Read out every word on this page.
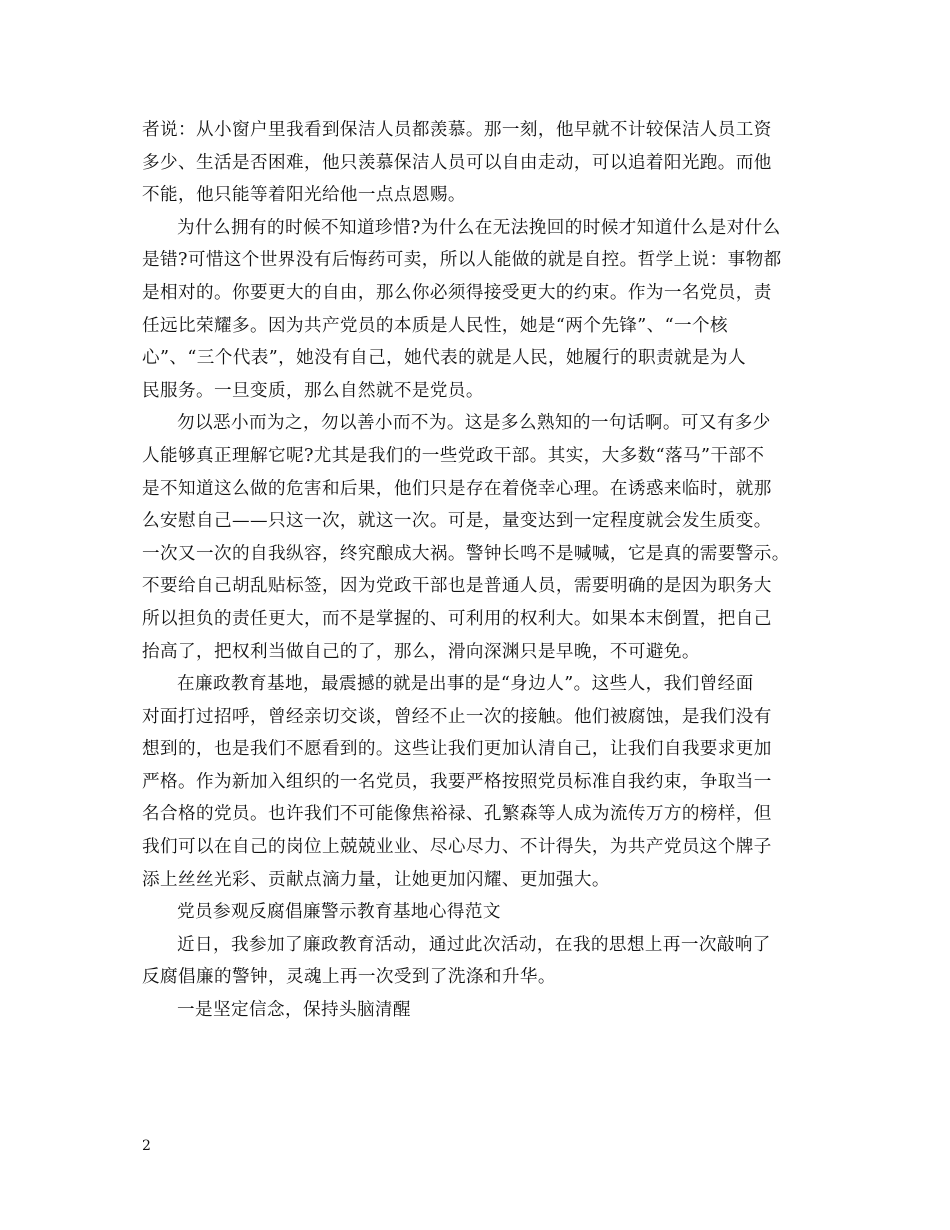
者说：从小窗户里我看到保洁人员都羡慕。那一刻，他早就不计较保洁人员工资
多少、生活是否困难，他只羡慕保洁人员可以自由走动，可以追着阳光跑。而他
不能，他只能等着阳光给他一点点恩赐。
为什么拥有的时候不知道珍惜?为什么在无法挽回的时候才知道什么是对什么
是错?可惜这个世界没有后悔药可卖，所以人能做的就是自控。哲学上说：事物都
是相对的。你要更大的自由，那么你必须得接受更大的约束。作为一名党员，责
任远比荣耀多。因为共产党员的本质是人民性，她是“两个先锋”、“一个核
心”、“三个代表”，她没有自己，她代表的就是人民，她履行的职责就是为人
民服务。一旦变质，那么自然就不是党员。
勿以恶小而为之，勿以善小而不为。这是多么熟知的一句话啊。可又有多少
人能够真正理解它呢?尤其是我们的一些党政干部。其实，大多数“落马”干部不
是不知道这么做的危害和后果，他们只是存在着侥幸心理。在诱惑来临时，就那
么安慰自己——只这一次，就这一次。可是，量变达到一定程度就会发生质变。
一次又一次的自我纵容，终究酿成大祸。警钟长鸣不是喊喊，它是真的需要警示。
不要给自己胡乱贴标签，因为党政干部也是普通人员，需要明确的是因为职务大
所以担负的责任更大，而不是掌握的、可利用的权利大。如果本末倒置，把自己
抬高了，把权利当做自己的了，那么，滑向深渊只是早晚，不可避免。
在廉政教育基地，最震撼的就是出事的是“身边人”。这些人，我们曾经面
对面打过招呼，曾经亲切交谈，曾经不止一次的接触。他们被腐蚀，是我们没有
想到的，也是我们不愿看到的。这些让我们更加认清自己，让我们自我要求更加
严格。作为新加入组织的一名党员，我要严格按照党员标准自我约束，争取当一
名合格的党员。也许我们不可能像焦裕禄、孔繁森等人成为流传万方的榜样，但
我们可以在自己的岗位上兢兢业业、尽心尽力、不计得失，为共产党员这个牌子
添上丝丝光彩、贡献点滴力量，让她更加闪耀、更加强大。
党员参观反腐倡廉警示教育基地心得范文
近日，我参加了廉政教育活动，通过此次活动，在我的思想上再一次敲响了
反腐倡廉的警钟，灵魂上再一次受到了洗涤和升华。
一是坚定信念，保持头脑清醒
2
